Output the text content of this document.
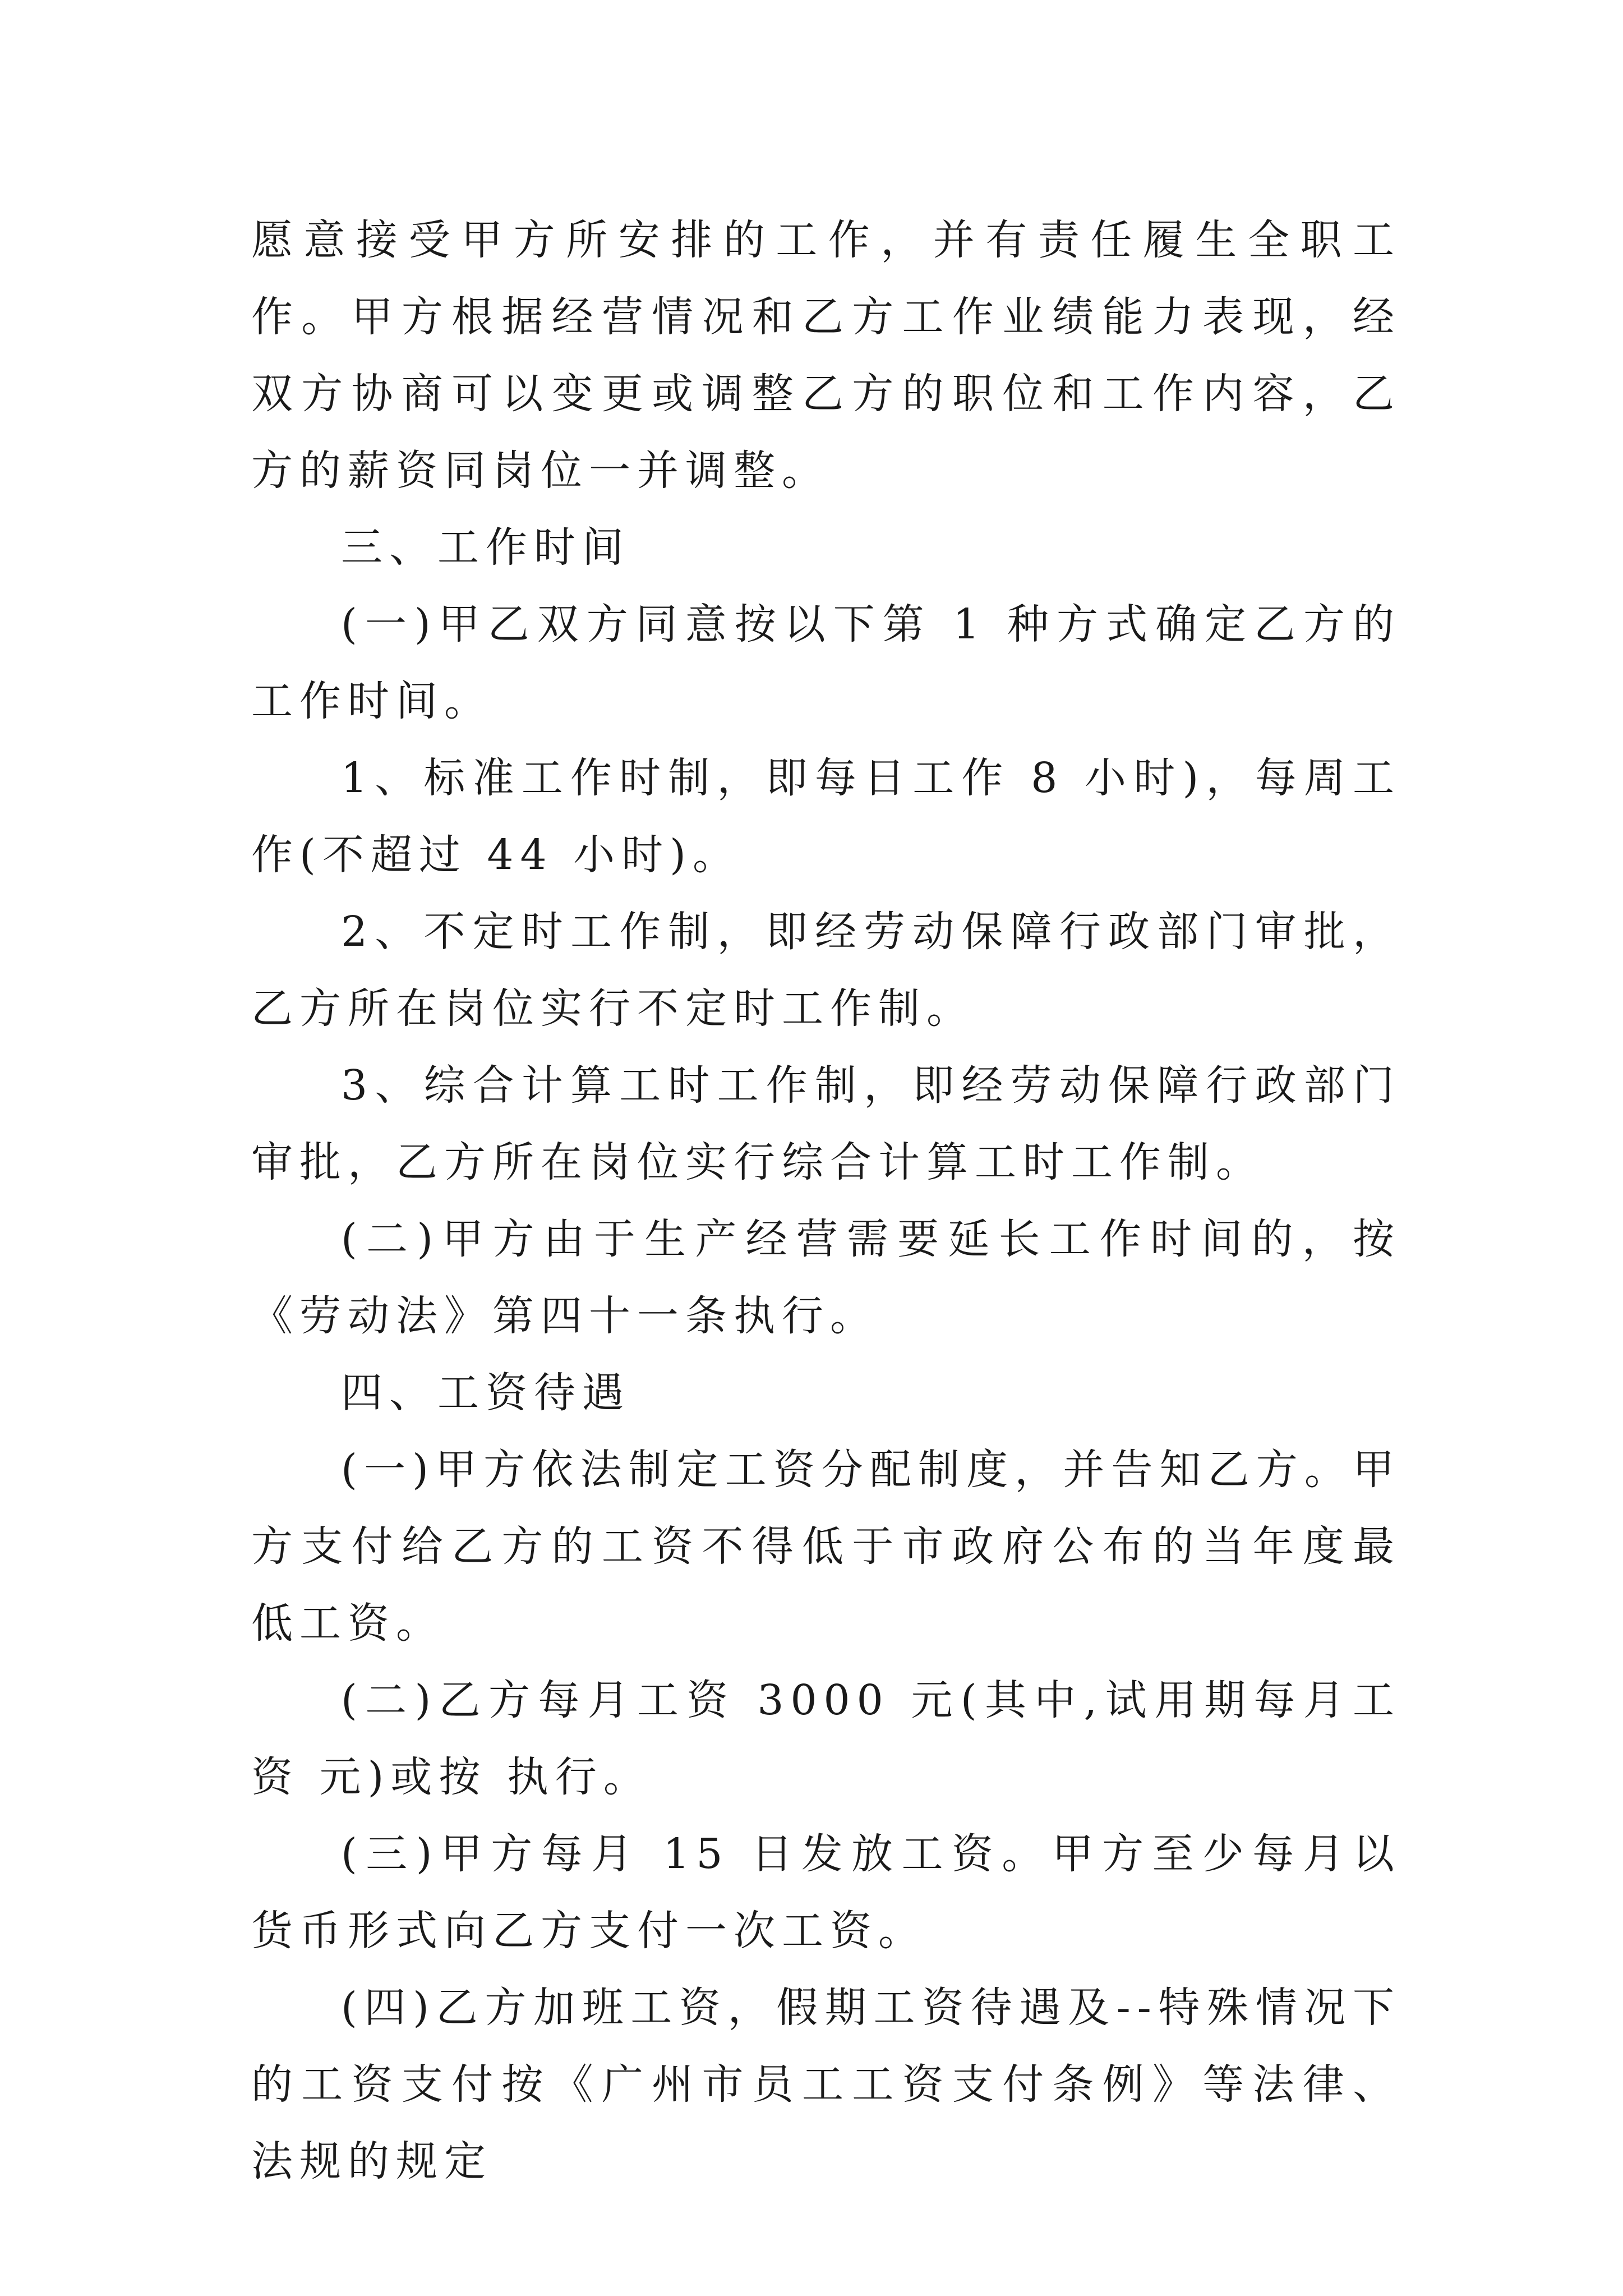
愿意接受甲方所安排的工作，并有责任履生全职工作。甲方根据经营情况和乙方工作业绩能力表现，经双方协商可以变更或调整乙方的职位和工作内容，乙方的薪资同岗位一并调整。

三、工作时间

(一)甲乙双方同意按以下第 1 种方式确定乙方的工作时间。

1、标准工作时制，即每日工作 8 小时)，每周工作(不超过 44 小时)。

2、不定时工作制，即经劳动保障行政部门审批，乙方所在岗位实行不定时工作制。

3、综合计算工时工作制，即经劳动保障行政部门审批，乙方所在岗位实行综合计算工时工作制。

(二)甲方由于生产经营需要延长工作时间的，按《劳动法》第四十一条执行。

四、工资待遇

(一)甲方依法制定工资分配制度，并告知乙方。甲方支付给乙方的工资不得低于市政府公布的当年度最低工资。

(二)乙方每月工资 3000 元(其中,试用期每月工资 元)或按 执行。

(三)甲方每月 15 日发放工资。甲方至少每月以货币形式向乙方支付一次工资。

(四)乙方加班工资，假期工资待遇及--特殊情况下的工资支付按《广州市员工工资支付条例》等法律、法规的规定
